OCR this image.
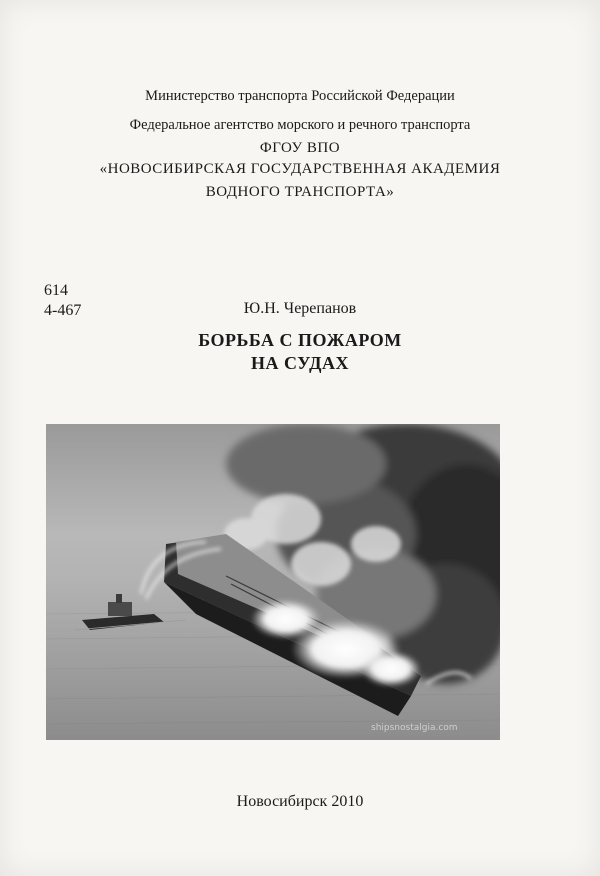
Министерство транспорта Российской Федерации
Федеральное агентство морского и речного транспорта
ФГОУ ВПО
«НОВОСИБИРСКАЯ ГОСУДАРСТВЕННАЯ АКАДЕМИЯ
ВОДНОГО ТРАНСПОРТА»
614
4-467	Ю.Н. Черепанов
БОРЬБА С ПОЖАРОМ
НА СУДАХ
shipsnostalgia.com
Новосибирск 2010
